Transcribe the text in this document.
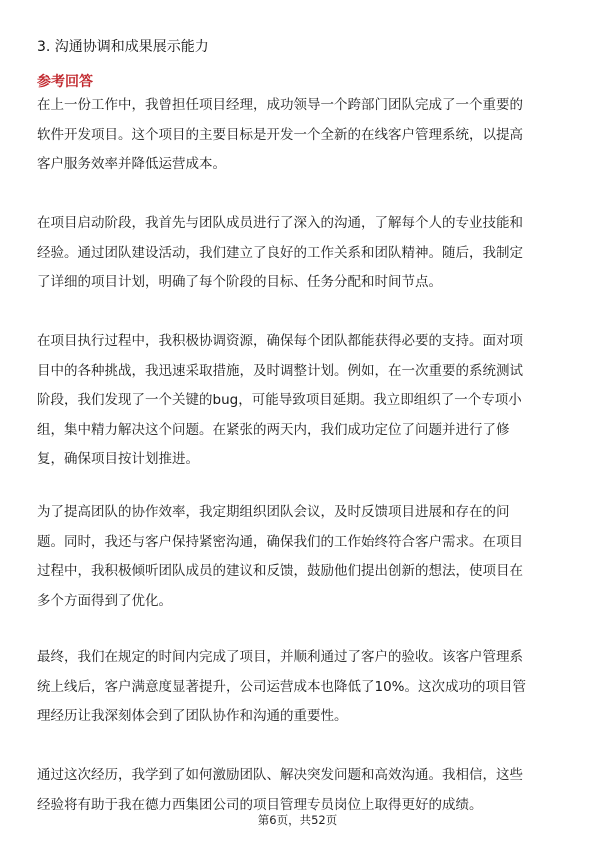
3. 沟通协调和成果展示能力
参考回答
在上一份工作中，我曾担任项目经理，成功领导一个跨部门团队完成了一个重要的
软件开发项目。这个项目的主要目标是开发一个全新的在线客户管理系统，以提高
客户服务效率并降低运营成本。
在项目启动阶段，我首先与团队成员进行了深入的沟通，了解每个人的专业技能和
经验。通过团队建设活动，我们建立了良好的工作关系和团队精神。随后，我制定
了详细的项目计划，明确了每个阶段的目标、任务分配和时间节点。
在项目执行过程中，我积极协调资源，确保每个团队都能获得必要的支持。面对项
目中的各种挑战，我迅速采取措施，及时调整计划。例如，在一次重要的系统测试
阶段，我们发现了一个关键的bug，可能导致项目延期。我立即组织了一个专项小
组，集中精力解决这个问题。在紧张的两天内，我们成功定位了问题并进行了修
复，确保项目按计划推进。
为了提高团队的协作效率，我定期组织团队会议，及时反馈项目进展和存在的问
题。同时，我还与客户保持紧密沟通，确保我们的工作始终符合客户需求。在项目
过程中，我积极倾听团队成员的建议和反馈，鼓励他们提出创新的想法，使项目在
多个方面得到了优化。
最终，我们在规定的时间内完成了项目，并顺利通过了客户的验收。该客户管理系
统上线后，客户满意度显著提升，公司运营成本也降低了10%。这次成功的项目管
理经历让我深刻体会到了团队协作和沟通的重要性。
通过这次经历，我学到了如何激励团队、解决突发问题和高效沟通。我相信，这些
经验将有助于我在德力西集团公司的项目管理专员岗位上取得更好的成绩。
第6页，共52页
